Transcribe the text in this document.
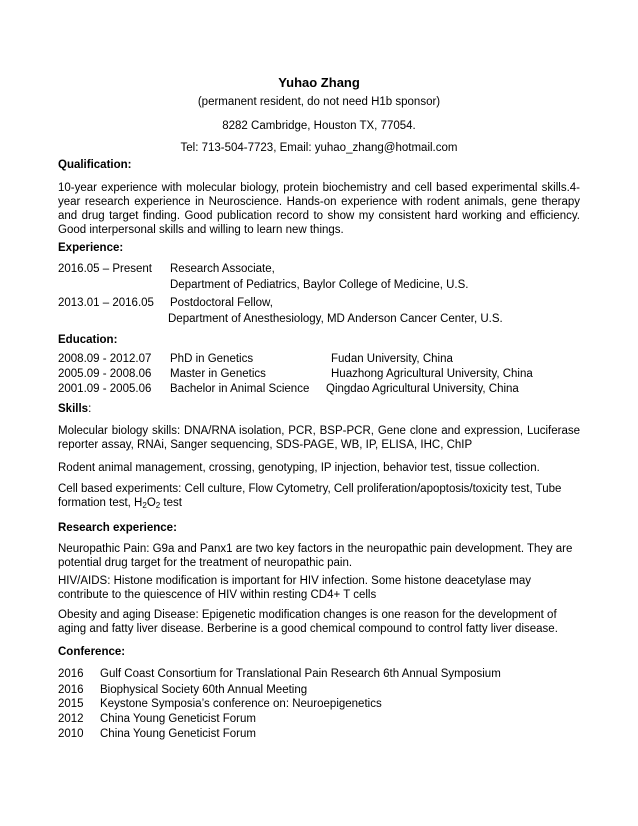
Yuhao Zhang
(permanent resident, do not need H1b sponsor)
8282 Cambridge, Houston TX, 77054.
Tel: 713-504-7723, Email: yuhao_zhang@hotmail.com
Qualification:
10-year experience with molecular biology, protein biochemistry and cell based experimental skills.4-year research experience in Neuroscience. Hands-on experience with rodent animals, gene therapy and drug target finding. Good publication record to show my consistent hard working and efficiency. Good interpersonal skills and willing to learn new things.
Experience:
2016.05 – Present Research Associate,
Department of Pediatrics, Baylor College of Medicine, U.S.
2013.01 – 2016.05 Postdoctoral Fellow,
Department of Anesthesiology, MD Anderson Cancer Center, U.S.
Education:
2008.09 - 2012.07 PhD in Genetics	Fudan University, China
2005.09 - 2008.06 Master in Genetics	Huazhong Agricultural University, China
2001.09 - 2005.06 Bachelor in Animal Science Qingdao Agricultural University, China
Skills:
Molecular biology skills: DNA/RNA isolation, PCR, BSP-PCR, Gene clone and expression, Luciferase reporter assay, RNAi, Sanger sequencing, SDS-PAGE, WB, IP, ELISA, IHC, ChIP
Rodent animal management, crossing, genotyping, IP injection, behavior test, tissue collection.
Cell based experiments: Cell culture, Flow Cytometry, Cell proliferation/apoptosis/toxicity test, Tube formation test, H2O2 test
Research experience:
Neuropathic Pain: G9a and Panx1 are two key factors in the neuropathic pain development. They are potential drug target for the treatment of neuropathic pain.
HIV/AIDS: Histone modification is important for HIV infection. Some histone deacetylase may contribute to the quiescence of HIV within resting CD4+ T cells
Obesity and aging Disease: Epigenetic modification changes is one reason for the development of aging and fatty liver disease. Berberine is a good chemical compound to control fatty liver disease.
Conference:
2016 Gulf Coast Consortium for Translational Pain Research 6th Annual Symposium
2016 Biophysical Society 60th Annual Meeting
2015 Keystone Symposia’s conference on: Neuroepigenetics
2012 China Young Geneticist Forum
2010 China Young Geneticist Forum
